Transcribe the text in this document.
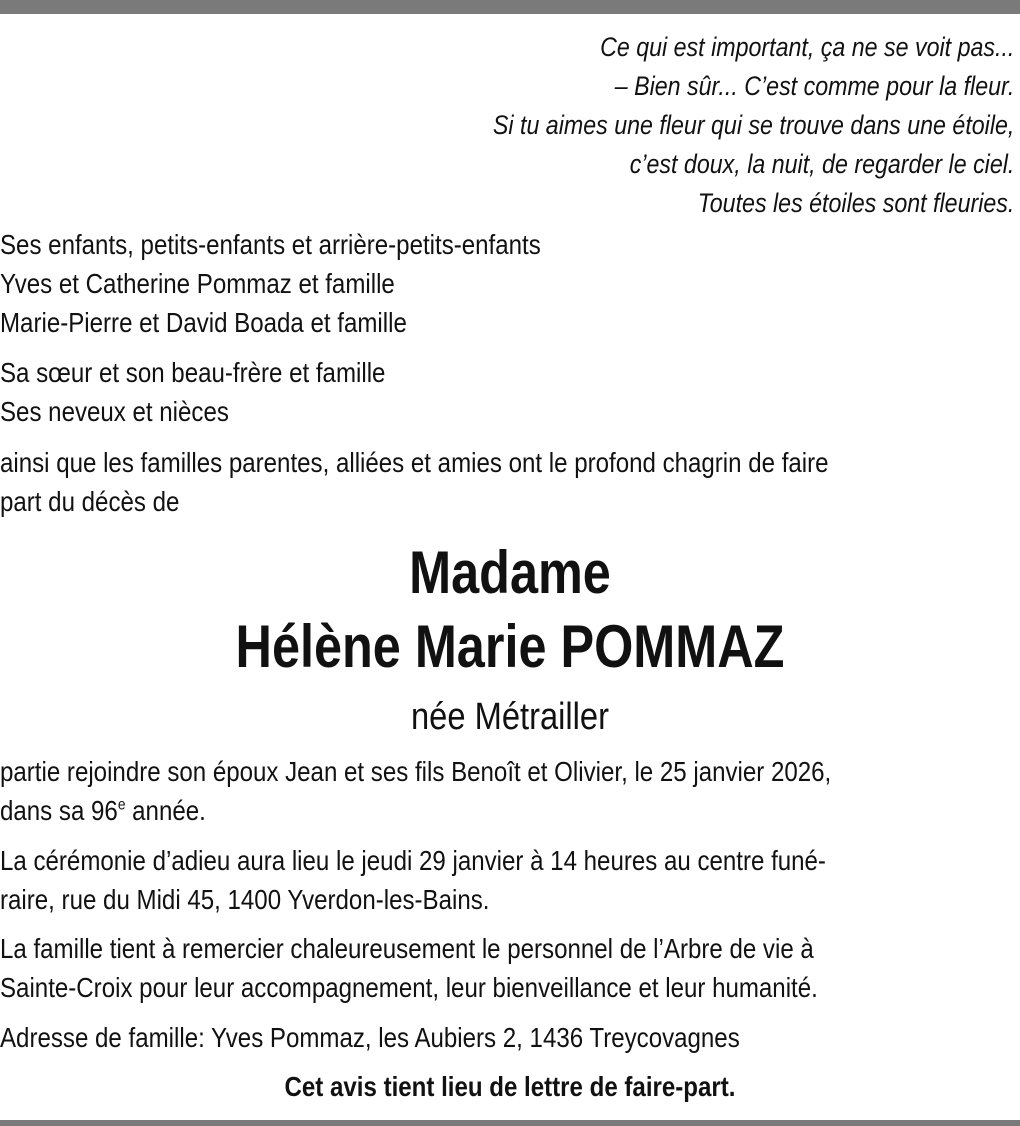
Ce qui est important, ça ne se voit pas...
– Bien sûr... C’est comme pour la fleur.
Si tu aimes une fleur qui se trouve dans une étoile,
c’est doux, la nuit, de regarder le ciel.
Toutes les étoiles sont fleuries.
Ses enfants, petits-enfants et arrière-petits-enfants
Yves et Catherine Pommaz et famille
Marie-Pierre et David Boada et famille
Sa sœur et son beau-frère et famille
Ses neveux et nièces
ainsi que les familles parentes, alliées et amies ont le profond chagrin de faire
part du décès de
Madame
Hélène Marie POMMAZ
née Métrailler
partie rejoindre son époux Jean et ses fils Benoît et Olivier, le 25 janvier 2026,
dans sa 96e année.
La cérémonie d’adieu aura lieu le jeudi 29 janvier à 14 heures au centre funé-
raire, rue du Midi 45, 1400 Yverdon-les-Bains.
La famille tient à remercier chaleureusement le personnel de l’Arbre de vie à
Sainte-Croix pour leur accompagnement, leur bienveillance et leur humanité.
Adresse de famille: Yves Pommaz, les Aubiers 2, 1436 Treycovagnes
Cet avis tient lieu de lettre de faire-part.
